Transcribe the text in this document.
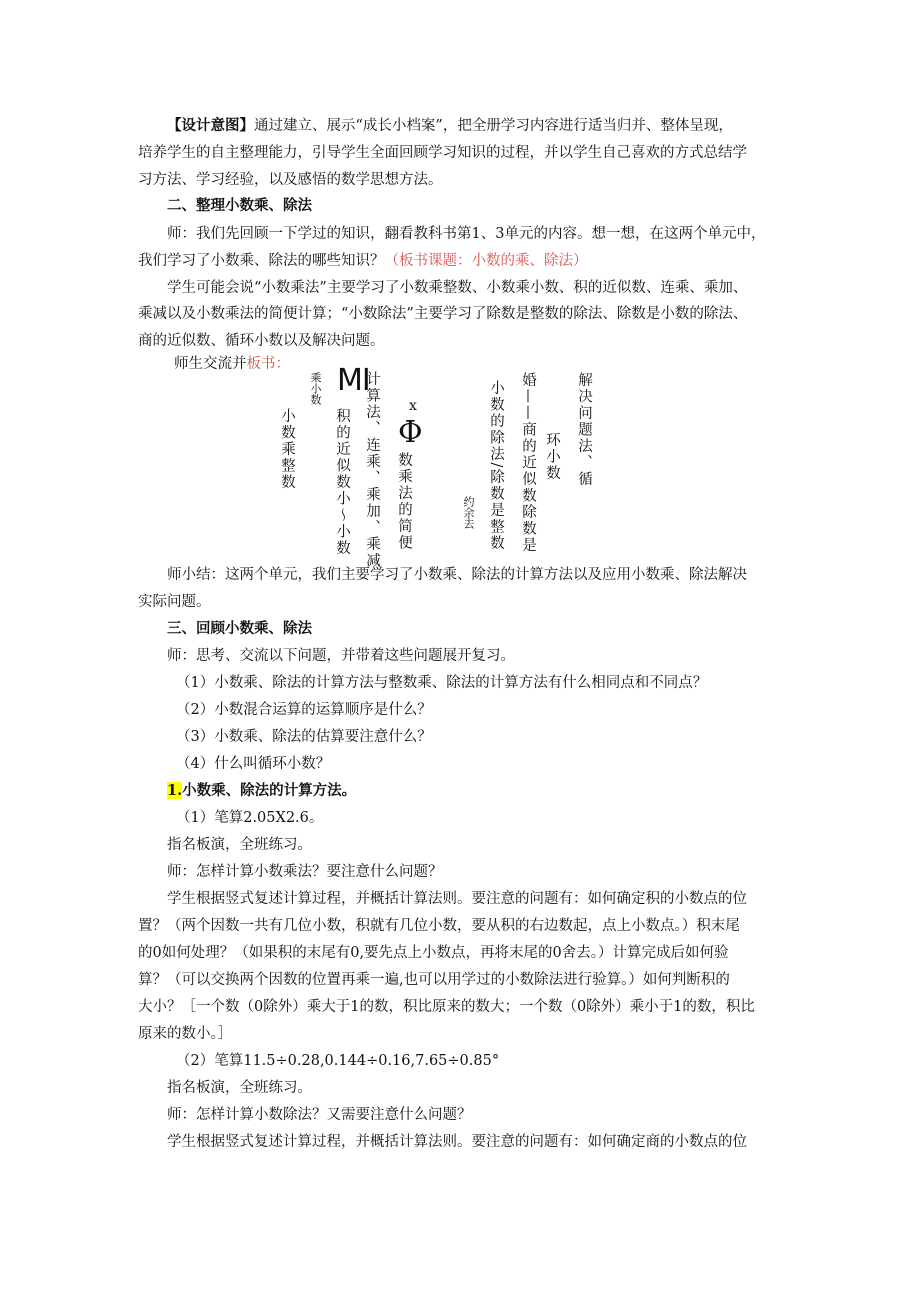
【设计意图】通过建立、展示“成长小档案”，把全册学习内容进行适当归并、整体呈现，
培养学生的自主整理能力，引导学生全面回顾学习知识的过程，并以学生自己喜欢的方式总结学
习方法、学习经验，以及感悟的数学思想方法。
二、整理小数乘、除法
师：我们先回顾一下学过的知识，翻看教科书第1、3单元的内容。想一想，在这两个单元中，
我们学习了小数乘、除法的哪些知识？（板书课题：小数的乘、除法）
学生可能会说“小数乘法”主要学习了小数乘整数、小数乘小数、积的近似数、连乘、乘加、
乘减以及小数乘法的简便计算；“小数除法”主要学习了除数是整数的除法、除数是小数的除法、
商的近似数、循环小数以及解决问题。
师生交流并板书：
小数乘整数
乘小数 MI
积的近似数小～小数 计算法、连乘、乘加、乘减 x
Φ
数乘法的简便	约余去 小数的除法/除数是整数 婚——商的近似数除数是 环小数 解决问题法、循
师小结：这两个单元，我们主要学习了小数乘、除法的计算方法以及应用小数乘、除法解决
实际问题。
三、回顾小数乘、除法
师：思考、交流以下问题，并带着这些问题展开复习。
（1）小数乘、除法的计算方法与整数乘、除法的计算方法有什么相同点和不同点？
（2）小数混合运算的运算顺序是什么？
（3）小数乘、除法的估算要注意什么？
（4）什么叫循环小数？
1.小数乘、除法的计算方法。
（1）笔算2.05X2.6。
指名板演，全班练习。
师：怎样计算小数乘法？要注意什么问题？
学生根据竖式复述计算过程，并概括计算法则。要注意的问题有：如何确定积的小数点的位
置？（两个因数一共有几位小数，积就有几位小数，要从积的右边数起，点上小数点。）积末尾
的0如何处理？（如果积的末尾有0,要先点上小数点，再将末尾的0舍去。）计算完成后如何验
算？（可以交换两个因数的位置再乘一遍,也可以用学过的小数除法进行验算。）如何判断积的
大小？［一个数（0除外）乘大于1的数，积比原来的数大；一个数（0除外）乘小于1的数，积比
原来的数小。］
（2）笔算11.5÷0.28,0.144÷0.16,7.65÷0.85°
指名板演，全班练习。
师：怎样计算小数除法？又需要注意什么问题？
学生根据竖式复述计算过程，并概括计算法则。要注意的问题有：如何确定商的小数点的位
